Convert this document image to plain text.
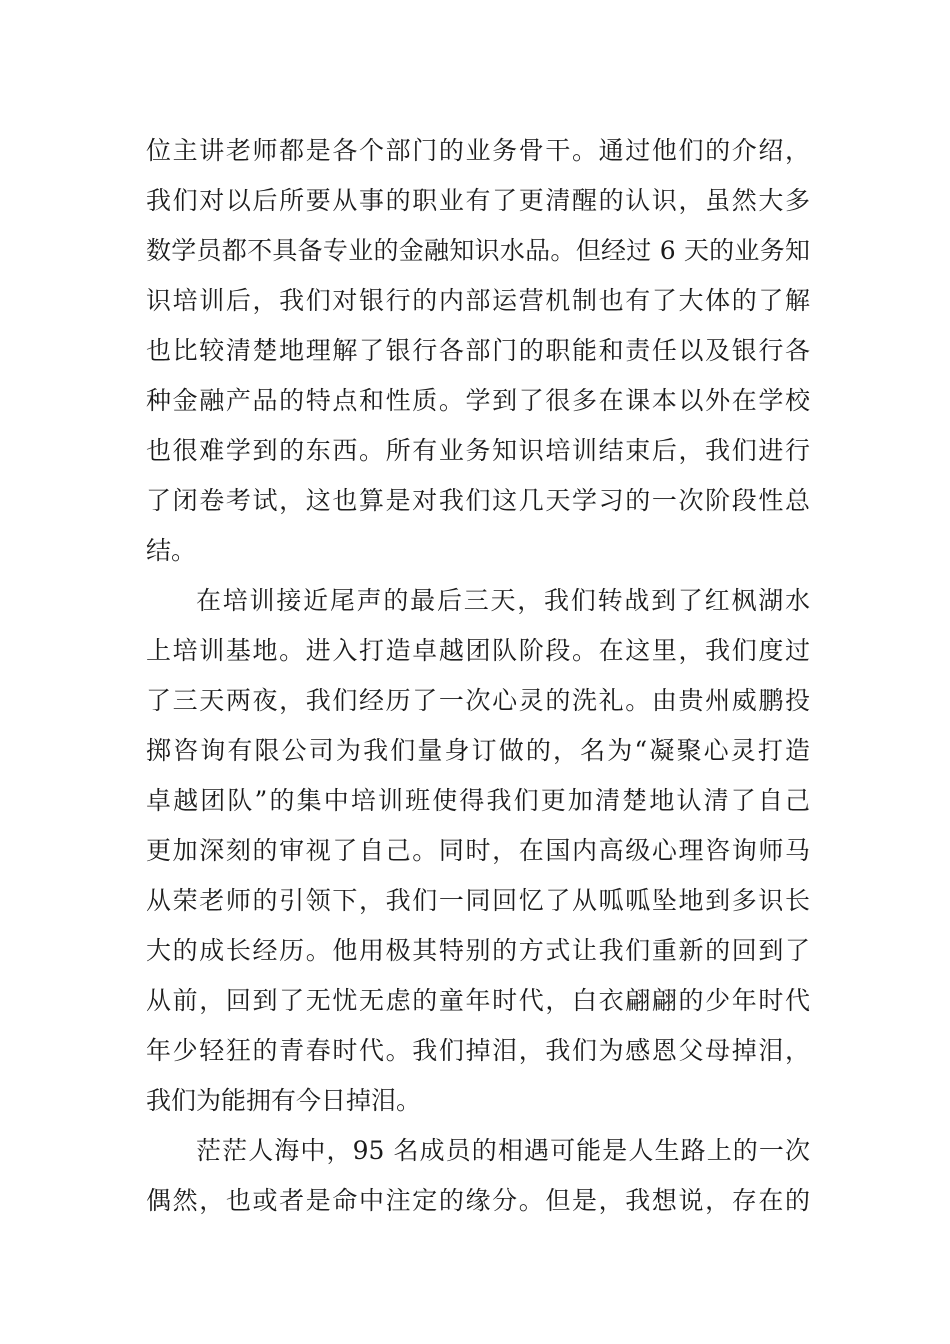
位主讲老师都是各个部门的业务骨干。通过他们的介绍，
我们对以后所要从事的职业有了更清醒的认识，虽然大多
数学员都不具备专业的金融知识水品。但经过 6 天的业务知
识培训后，我们对银行的内部运营机制也有了大体的了解
也比较清楚地理解了银行各部门的职能和责任以及银行各
种金融产品的特点和性质。学到了很多在课本以外在学校
也很难学到的东西。所有业务知识培训结束后，我们进行
了闭卷考试，这也算是对我们这几天学习的一次阶段性总
结。
在培训接近尾声的最后三天，我们转战到了红枫湖水
上培训基地。进入打造卓越团队阶段。在这里，我们度过
了三天两夜，我们经历了一次心灵的洗礼。由贵州威鹏投
掷咨询有限公司为我们量身订做的，名为“凝聚心灵打造
卓越团队”的集中培训班使得我们更加清楚地认清了自己
更加深刻的审视了自己。同时，在国内高级心理咨询师马
从荣老师的引领下，我们一同回忆了从呱呱坠地到多识长
大的成长经历。他用极其特别的方式让我们重新的回到了
从前，回到了无忧无虑的童年时代，白衣翩翩的少年时代
年少轻狂的青春时代。我们掉泪，我们为感恩父母掉泪，
我们为能拥有今日掉泪。
茫茫人海中，95 名成员的相遇可能是人生路上的一次
偶然，也或者是命中注定的缘分。但是，我想说，存在的
